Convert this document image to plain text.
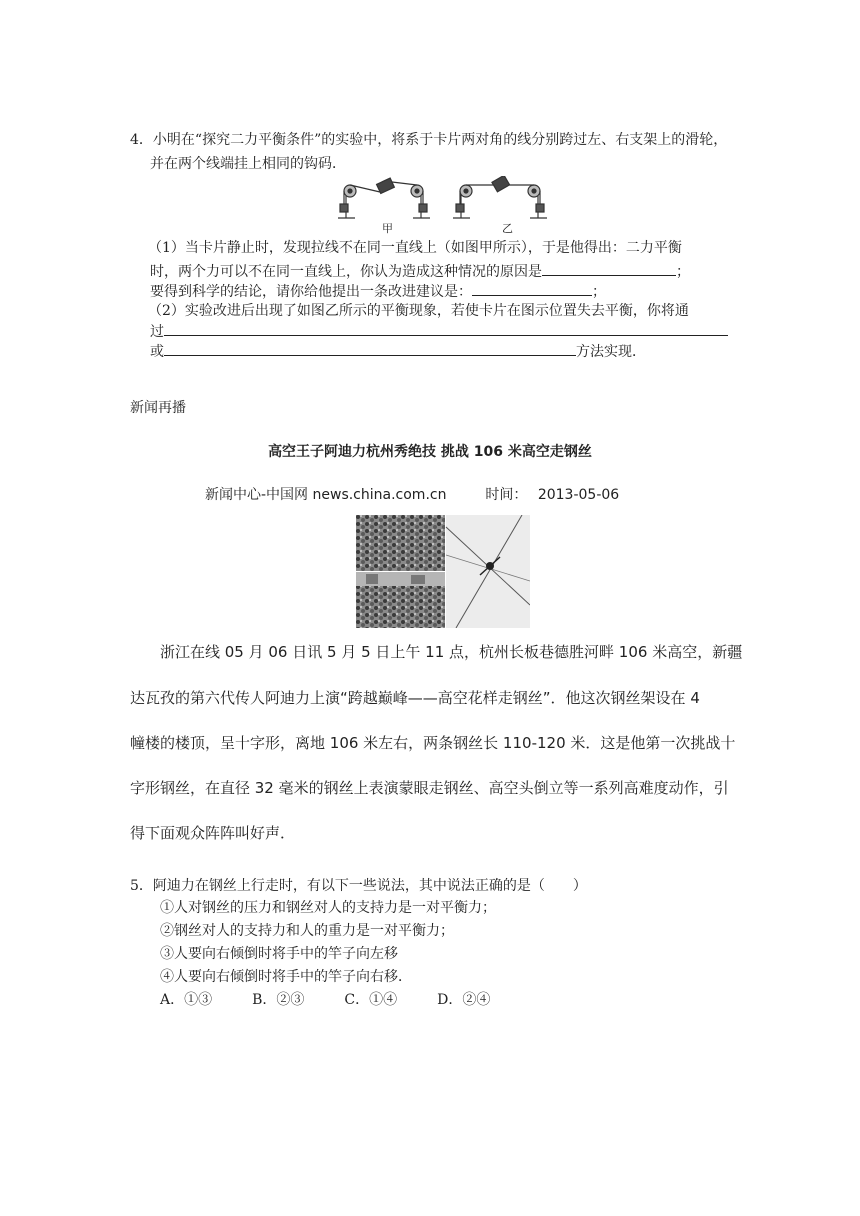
4．小明在“探究二力平衡条件”的实验中，将系于卡片两对角的线分别跨过左、右支架上的滑轮，
并在两个线端挂上相同的钩码．
甲	乙
（1）当卡片静止时，发现拉线不在同一直线上（如图甲所示），于是他得出：二力平衡
时，两个力可以不在同一直线上，你认为造成这种情况的原因是	；
要得到科学的结论，请你给他提出一条改进建议是：	；
（2）实验改进后出现了如图乙所示的平衡现象，若使卡片在图示位置失去平衡，你将通
过
或	方法实现．
新闻再播
高空王子阿迪力杭州秀绝技 挑战 106 米高空走钢丝
新闻中心-中国网 news.china.com.cn	时间： 2013-05-06
浙江在线 05 月 06 日讯 5 月 5 日上午 11 点，杭州长板巷德胜河畔 106 米高空，新疆
达瓦孜的第六代传人阿迪力上演“跨越巅峰——高空花样走钢丝”．他这次钢丝架设在 4
幢楼的楼顶，呈十字形，离地 106 米左右，两条钢丝长 110-120 米．这是他第一次挑战十
字形钢丝，在直径 32 毫米的钢丝上表演蒙眼走钢丝、高空头倒立等一系列高难度动作，引
得下面观众阵阵叫好声．
5．阿迪力在钢丝上行走时，有以下一些说法，其中说法正确的是（　　）
①人对钢丝的压力和钢丝对人的支持力是一对平衡力；
②钢丝对人的支持力和人的重力是一对平衡力；
③人要向右倾倒时将手中的竿子向左移
④人要向右倾倒时将手中的竿子向右移．
A．①③	B．②③	C．①④	D．②④
